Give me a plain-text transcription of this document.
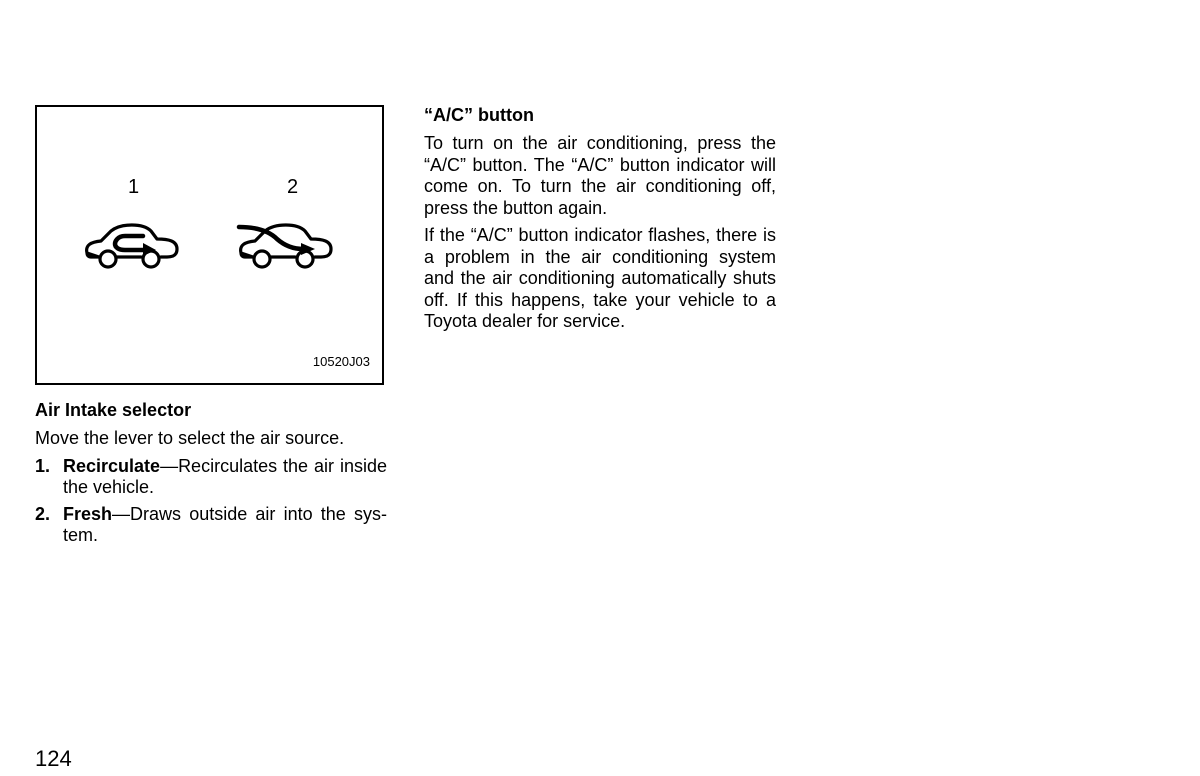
1	2
10520J03
Air Intake selector
Move the lever to select the air source.
1. Recirculate—Recirculates the air inside the vehicle.
2. Fresh—Draws outside air into the system.
“A/C” button
To turn on the air conditioning, press the “A/C” button. The “A/C” button indicator will come on. To turn the air conditioning off, press the button again.
If the “A/C” button indicator flashes, there is a problem in the air conditioning system and the air conditioning automatically shuts off. If this happens, take your vehicle to a Toyota dealer for service.
124
